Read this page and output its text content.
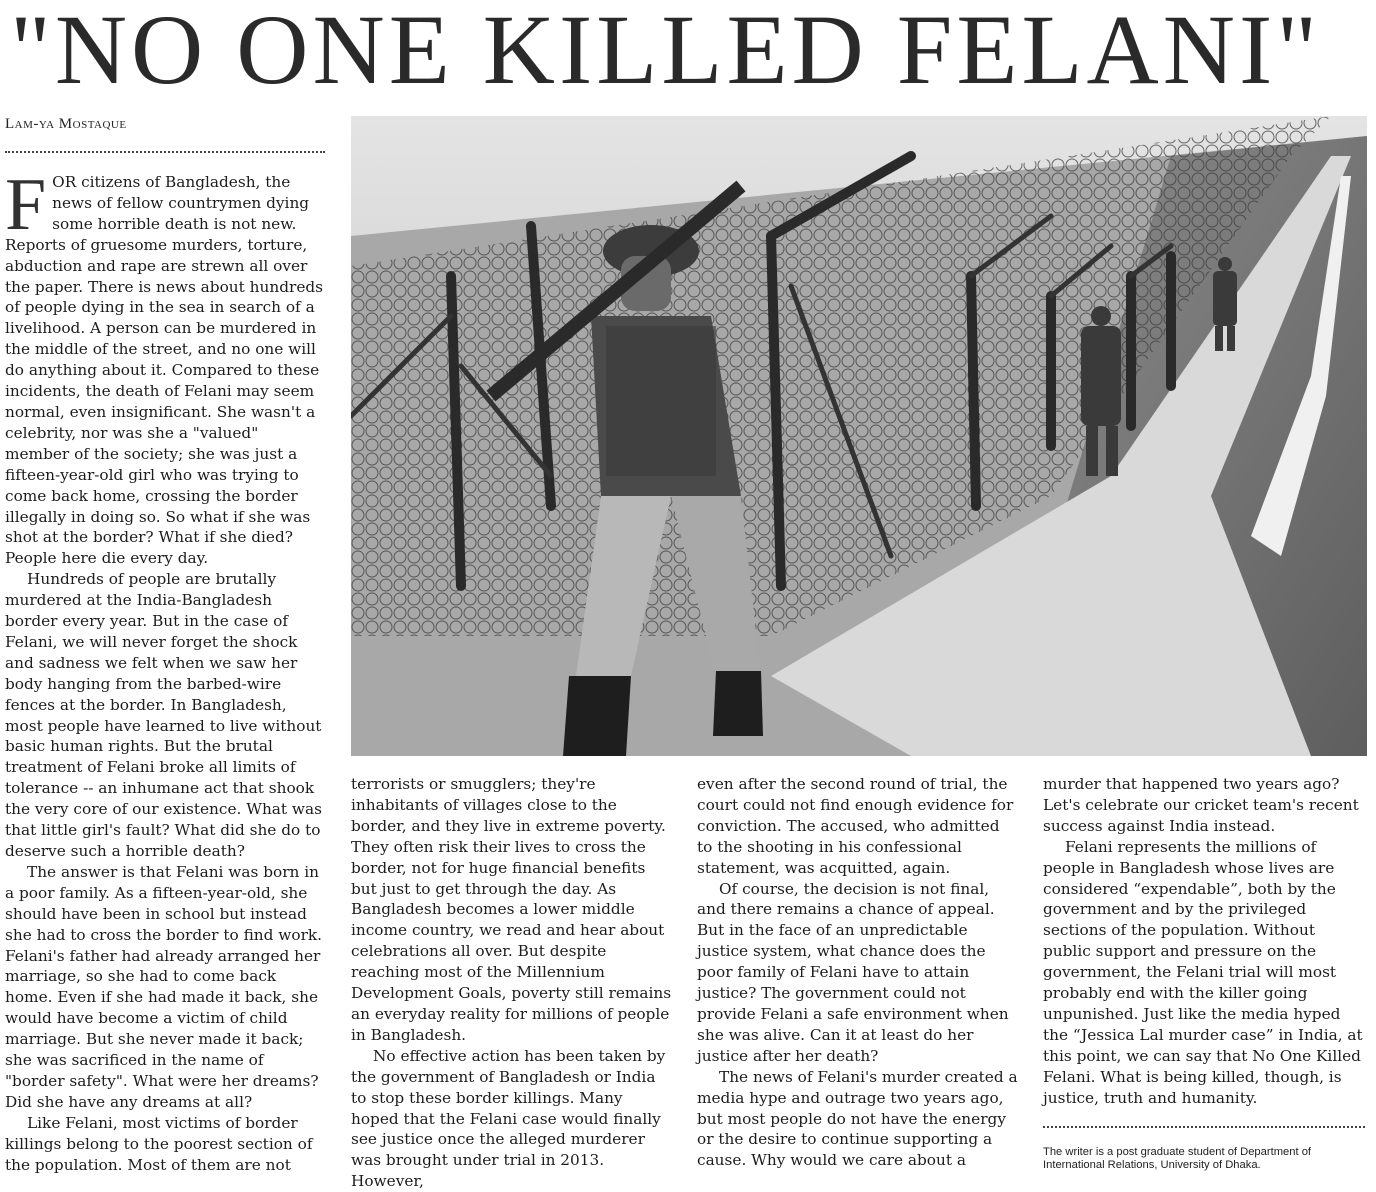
"NO ONE KILLED FELANI"
Lam-ya Mostaque

FOR citizens of Bangladesh, the news of fellow countrymen dying some horrible death is not new. Reports of gruesome murders, torture, abduction and rape are strewn all over the paper. There is news about hundreds of people dying in the sea in search of a livelihood. A person can be murdered in the middle of the street, and no one will do anything about it. Compared to these incidents, the death of Felani may seem normal, even insignificant. She wasn't a celebrity, nor was she a "valued" member of the society; she was just a fifteen-year-old girl who was trying to come back home, crossing the border illegally in doing so. So what if she was shot at the border? What if she died? People here die every day.

Hundreds of people are brutally murdered at the India-Bangladesh border every year. But in the case of Felani, we will never forget the shock and sadness we felt when we saw her body hanging from the barbed-wire fences at the border. In Bangladesh, most people have learned to live without basic human rights. But the brutal treatment of Felani broke all limits of tolerance -- an inhumane act that shook the very core of our existence. What was that little girl's fault? What did she do to deserve such a horrible death?

The answer is that Felani was born in a poor family. As a fifteen-year-old, she should have been in school but instead she had to cross the border to find work. Felani's father had already arranged her marriage, so she had to come back home. Even if she had made it back, she would have become a victim of child marriage. But she never made it back; she was sacrificed in the name of "border safety". What were her dreams? Did she have any dreams at all?

Like Felani, most victims of border killings belong to the poorest section of the population. Most of them are not

terrorists or smugglers; they're inhabitants of villages close to the border, and they live in extreme poverty. They often risk their lives to cross the border, not for huge financial benefits but just to get through the day. As Bangladesh becomes a lower middle income country, we read and hear about celebrations all over. But despite reaching most of the Millennium Development Goals, poverty still remains an everyday reality for millions of people in Bangladesh.

No effective action has been taken by the government of Bangladesh or India to stop these border killings. Many hoped that the Felani case would finally see justice once the alleged murderer was brought under trial in 2013. However,

even after the second round of trial, the court could not find enough evidence for conviction. The accused, who admitted to the shooting in his confessional statement, was acquitted, again.

Of course, the decision is not final, and there remains a chance of appeal. But in the face of an unpredictable justice system, what chance does the poor family of Felani have to attain justice? The government could not provide Felani a safe environment when she was alive. Can it at least do her justice after her death?

The news of Felani's murder created a media hype and outrage two years ago, but most people do not have the energy or the desire to continue supporting a cause. Why would we care about a

murder that happened two years ago? Let's celebrate our cricket team's recent success against India instead.

Felani represents the millions of people in Bangladesh whose lives are considered “expendable”, both by the government and by the privileged sections of the population. Without public support and pressure on the government, the Felani trial will most probably end with the killer going unpunished. Just like the media hyped the “Jessica Lal murder case” in India, at this point, we can say that No One Killed Felani. What is being killed, though, is justice, truth and humanity.

The writer is a post graduate student of Department of International Relations, University of Dhaka.
